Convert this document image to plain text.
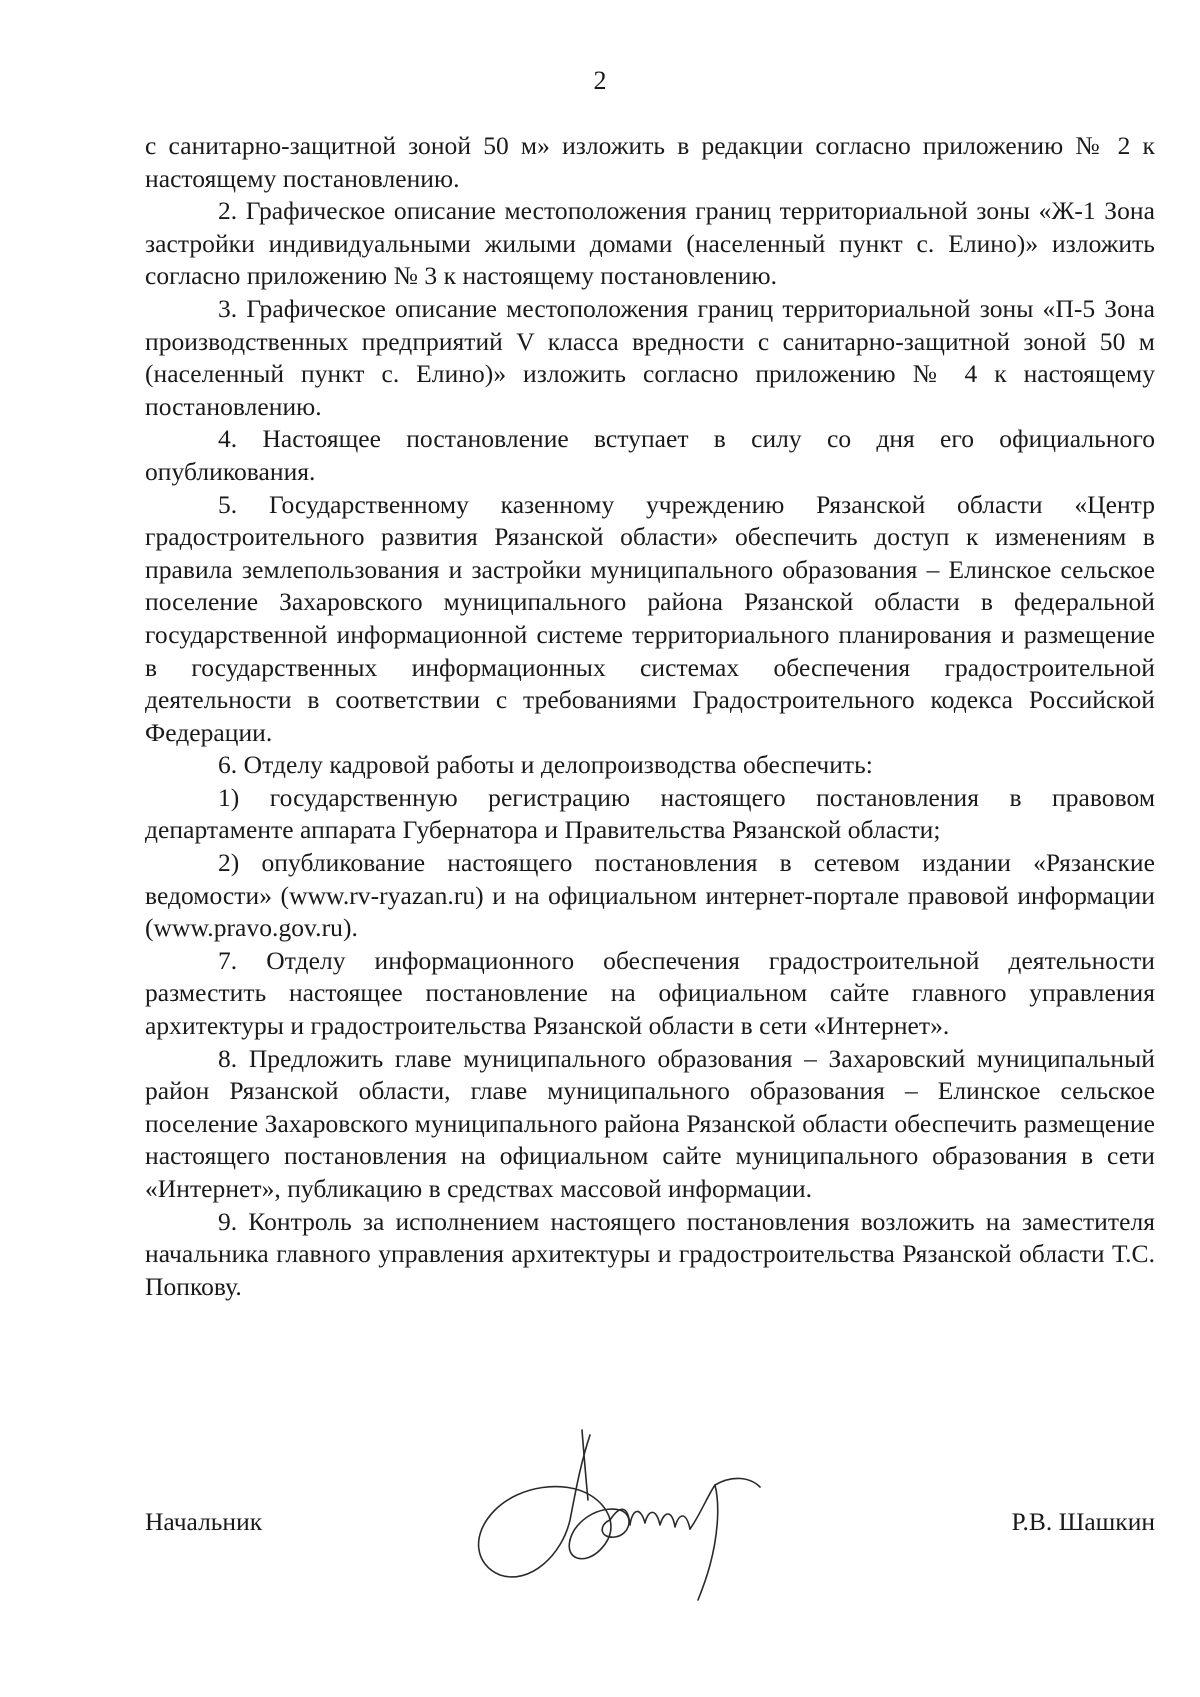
2

с санитарно-защитной зоной 50 м» изложить в редакции согласно приложению № 2 к настоящему постановлению.

2. Графическое описание местоположения границ территориальной зоны «Ж-1 Зона застройки индивидуальными жилыми домами (населенный пункт с. Елино)» изложить согласно приложению № 3 к настоящему постановлению.

3. Графическое описание местоположения границ территориальной зоны «П-5 Зона производственных предприятий V класса вредности с санитарно-защитной зоной 50 м (населенный пункт с. Елино)» изложить согласно приложению № 4 к настоящему постановлению.

4. Настоящее постановление вступает в силу со дня его официального опубликования.

5. Государственному казенному учреждению Рязанской области «Центр градостроительного развития Рязанской области» обеспечить доступ к изменениям в правила землепользования и застройки муниципального образования – Елинское сельское поселение Захаровского муниципального района Рязанской области в федеральной государственной информационной системе территориального планирования и размещение в государственных информационных системах обеспечения градостроительной деятельности в соответствии с требованиями Градостроительного кодекса Российской Федерации.

6. Отделу кадровой работы и делопроизводства обеспечить:

1) государственную регистрацию настоящего постановления в правовом департаменте аппарата Губернатора и Правительства Рязанской области;

2) опубликование настоящего постановления в сетевом издании «Рязанские ведомости» (www.rv-ryazan.ru) и на официальном интернет-портале правовой информации (www.pravo.gov.ru).

7. Отделу информационного обеспечения градостроительной деятельности разместить настоящее постановление на официальном сайте главного управления архитектуры и градостроительства Рязанской области в сети «Интернет».

8. Предложить главе муниципального образования – Захаровский муниципальный район Рязанской области, главе муниципального образования – Елинское сельское поселение Захаровского муниципального района Рязанской области обеспечить размещение настоящего постановления на официальном сайте муниципального образования в сети «Интернет», публикацию в средствах массовой информации.

9. Контроль за исполнением настоящего постановления возложить на заместителя начальника главного управления архитектуры и градостроительства Рязанской области Т.С. Попкову.

Начальник	Р.В. Шашкин
